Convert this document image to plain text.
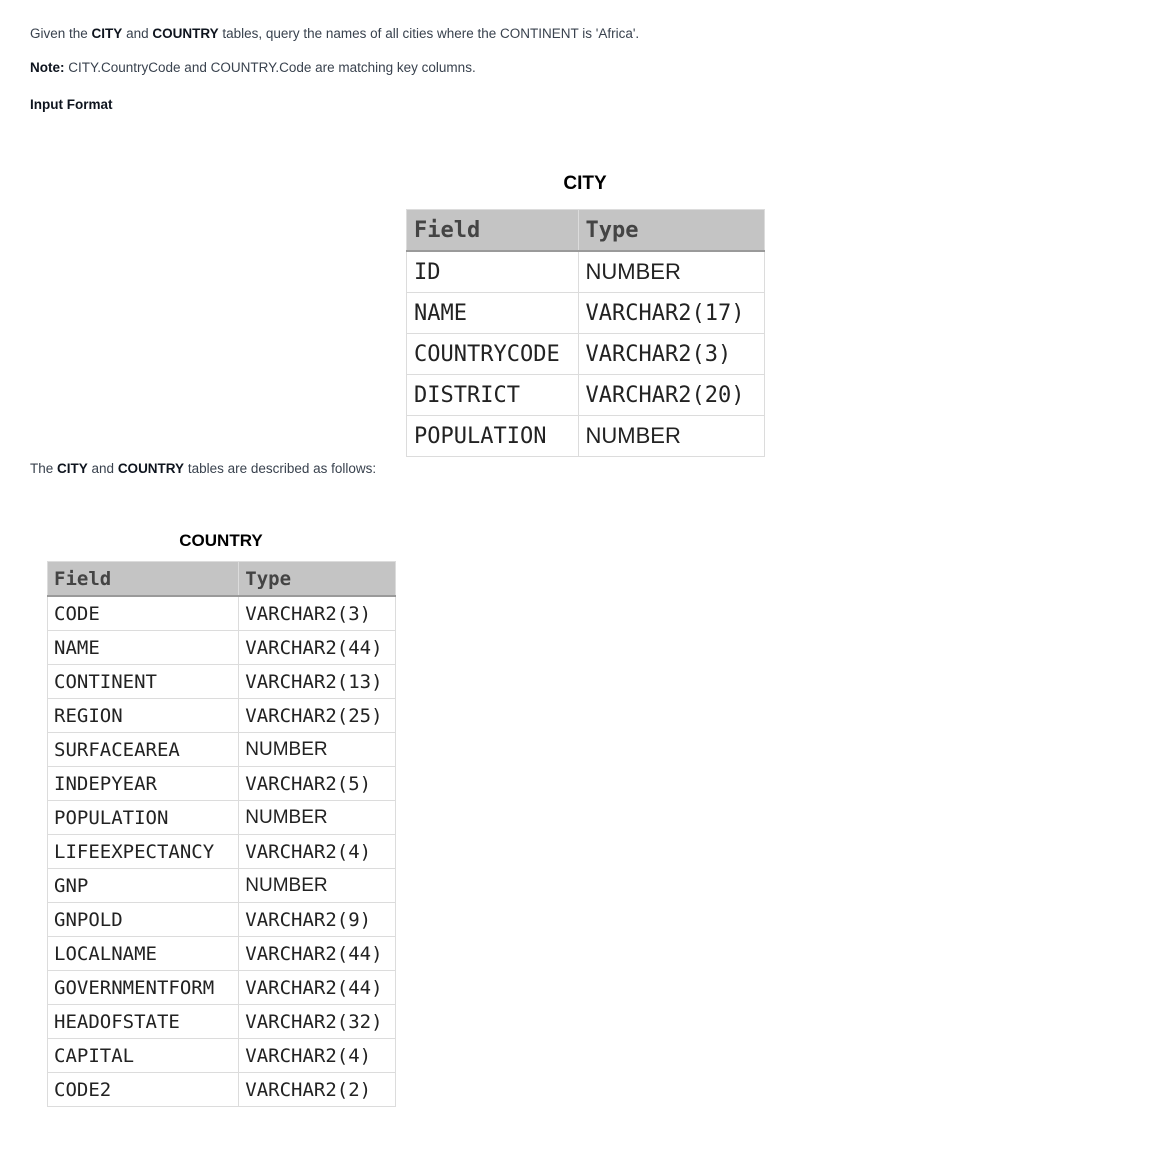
Given the CITY and COUNTRY tables, query the names of all cities where the CONTINENT is 'Africa'.

Note: CITY.CountryCode and COUNTRY.Code are matching key columns.

Input Format

CITY
Field	Type
ID	NUMBER
NAME	VARCHAR2(17)
COUNTRYCODE	VARCHAR2(3)
DISTRICT	VARCHAR2(20)
POPULATION	NUMBER

The CITY and COUNTRY tables are described as follows:

COUNTRY
Field	Type
CODE	VARCHAR2(3)
NAME	VARCHAR2(44)
CONTINENT	VARCHAR2(13)
REGION	VARCHAR2(25)
SURFACEAREA	NUMBER
INDEPYEAR	VARCHAR2(5)
POPULATION	NUMBER
LIFEEXPECTANCY	VARCHAR2(4)
GNP	NUMBER
GNPOLD	VARCHAR2(9)
LOCALNAME	VARCHAR2(44)
GOVERNMENTFORM	VARCHAR2(44)
HEADOFSTATE	VARCHAR2(32)
CAPITAL	VARCHAR2(4)
CODE2	VARCHAR2(2)
